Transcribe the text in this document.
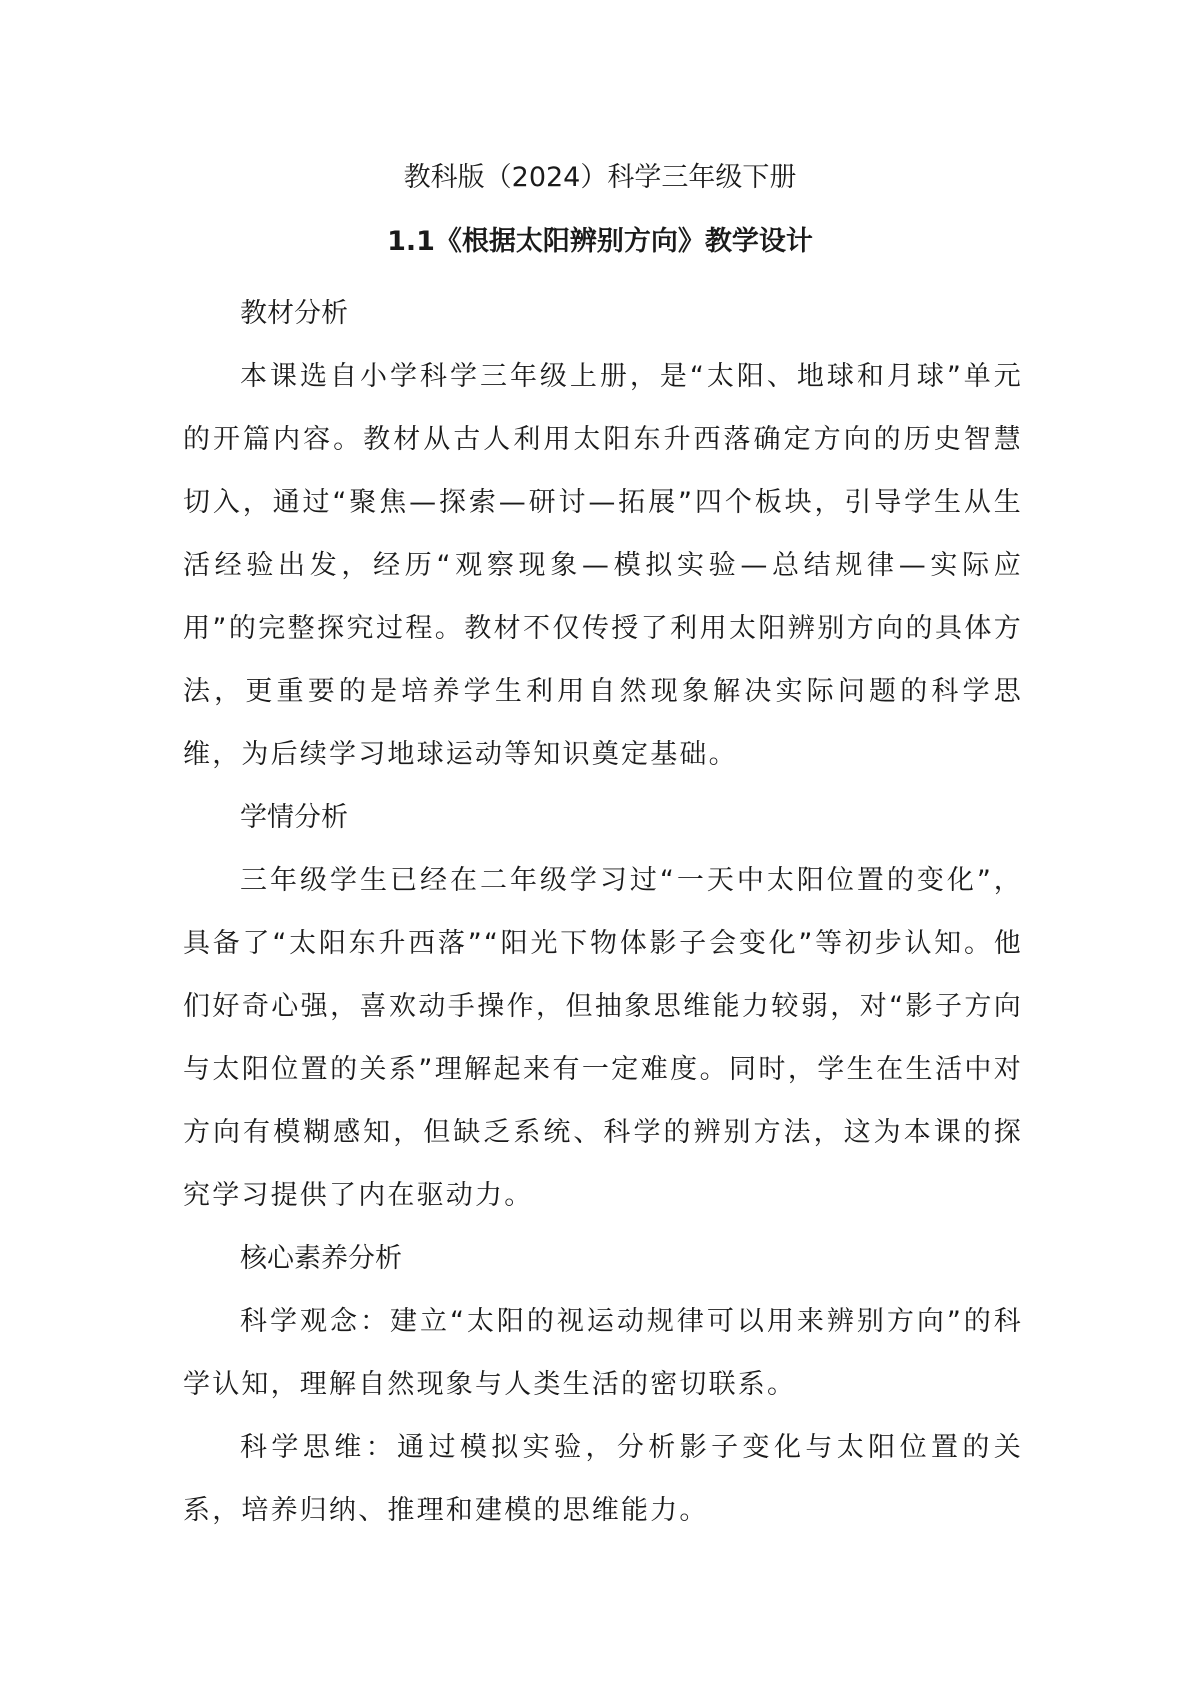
教科版（2024）科学三年级下册
1.1《根据太阳辨别方向》教学设计

教材分析

本课选自小学科学三年级上册，是“太阳、地球和月球”单元的开篇内容。教材从古人利用太阳东升西落确定方向的历史智慧切入，通过“聚焦—探索—研讨—拓展”四个板块，引导学生从生活经验出发，经历“观察现象—模拟实验—总结规律—实际应用”的完整探究过程。教材不仅传授了利用太阳辨别方向的具体方法，更重要的是培养学生利用自然现象解决实际问题的科学思维，为后续学习地球运动等知识奠定基础。

学情分析

三年级学生已经在二年级学习过“一天中太阳位置的变化”，具备了“太阳东升西落”“阳光下物体影子会变化”等初步认知。他们好奇心强，喜欢动手操作，但抽象思维能力较弱，对“影子方向与太阳位置的关系”理解起来有一定难度。同时，学生在生活中对方向有模糊感知，但缺乏系统、科学的辨别方法，这为本课的探究学习提供了内在驱动力。

核心素养分析

科学观念：建立“太阳的视运动规律可以用来辨别方向”的科学认知，理解自然现象与人类生活的密切联系。

科学思维：通过模拟实验，分析影子变化与太阳位置的关系，培养归纳、推理和建模的思维能力。
